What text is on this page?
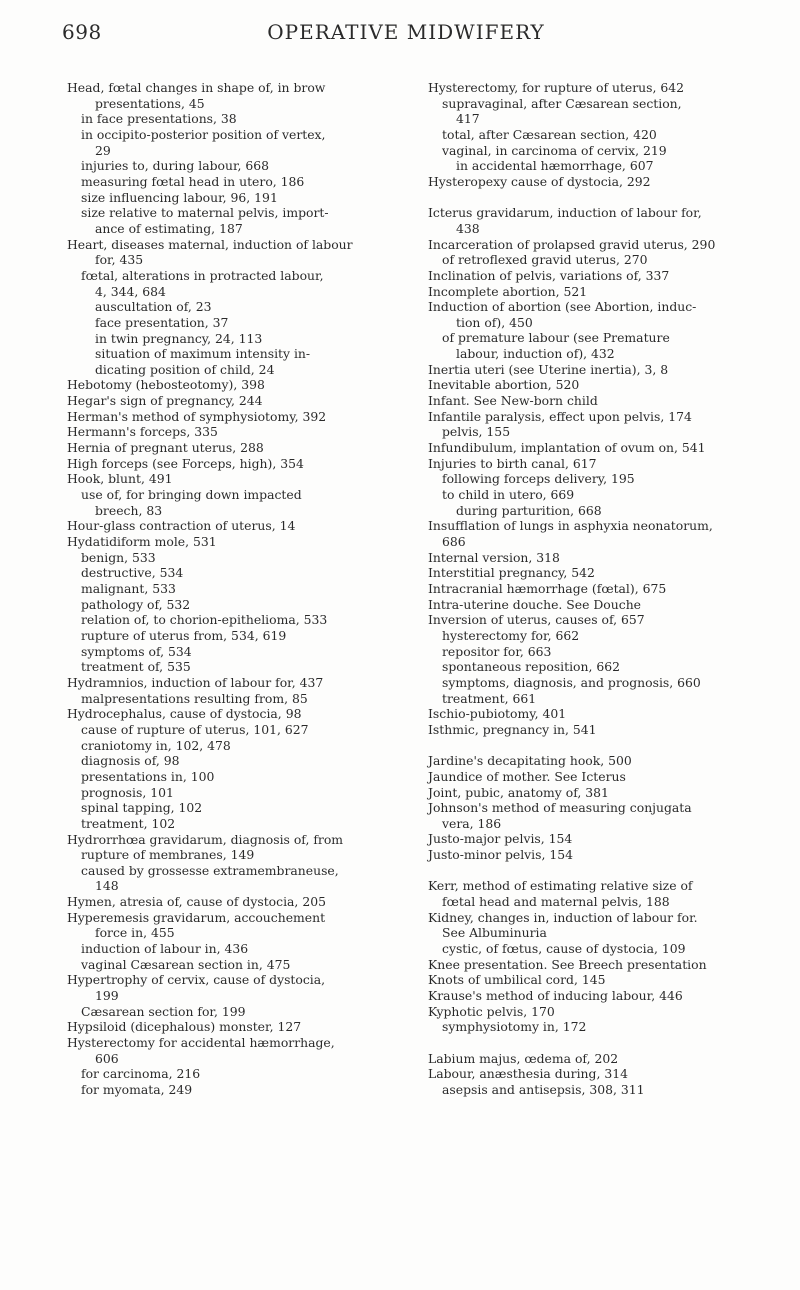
698	OPERATIVE MIDWIFERY
Head, fœtal changes in shape of, in brow
presentations, 45
in face presentations, 38
in occipito-posterior position of vertex,
29
injuries to, during labour, 668
measuring fœtal head in utero, 186
size influencing labour, 96, 191
size relative to maternal pelvis, import-
ance of estimating, 187
Heart, diseases maternal, induction of labour
for, 435
fœtal, alterations in protracted labour,
4, 344, 684
auscultation of, 23
face presentation, 37
in twin pregnancy, 24, 113
situation of maximum intensity in-
dicating position of child, 24
Hebotomy (hebosteotomy), 398
Hegar's sign of pregnancy, 244
Herman's method of symphysiotomy, 392
Hermann's forceps, 335
Hernia of pregnant uterus, 288
High forceps (see Forceps, high), 354
Hook, blunt, 491
use of, for bringing down impacted
breech, 83
Hour-glass contraction of uterus, 14
Hydatidiform mole, 531
benign, 533
destructive, 534
malignant, 533
pathology of, 532
relation of, to chorion-epithelioma, 533
rupture of uterus from, 534, 619
symptoms of, 534
treatment of, 535
Hydramnios, induction of labour for, 437
malpresentations resulting from, 85
Hydrocephalus, cause of dystocia, 98
cause of rupture of uterus, 101, 627
craniotomy in, 102, 478
diagnosis of, 98
presentations in, 100
prognosis, 101
spinal tapping, 102
treatment, 102
Hydrorrhœa gravidarum, diagnosis of, from
rupture of membranes, 149
caused by grossesse extramembraneuse,
148
Hymen, atresia of, cause of dystocia, 205
Hyperemesis gravidarum, accouchement
force in, 455
induction of labour in, 436
vaginal Cæsarean section in, 475
Hypertrophy of cervix, cause of dystocia,
199
Cæsarean section for, 199
Hypsiloid (dicephalous) monster, 127
Hysterectomy for accidental hæmorrhage,
606
for carcinoma, 216
for myomata, 249
Hysterectomy, for rupture of uterus, 642
supravaginal, after Cæsarean section,
417
total, after Cæsarean section, 420
vaginal, in carcinoma of cervix, 219
in accidental hæmorrhage, 607
Hysteropexy cause of dystocia, 292
Icterus gravidarum, induction of labour for,
438
Incarceration of prolapsed gravid uterus, 290
of retroflexed gravid uterus, 270
Inclination of pelvis, variations of, 337
Incomplete abortion, 521
Induction of abortion (see Abortion, induc-
tion of), 450
of premature labour (see Premature
labour, induction of), 432
Inertia uteri (see Uterine inertia), 3, 8
Inevitable abortion, 520
Infant. See New-born child
Infantile paralysis, effect upon pelvis, 174
pelvis, 155
Infundibulum, implantation of ovum on, 541
Injuries to birth canal, 617
following forceps delivery, 195
to child in utero, 669
during parturition, 668
Insufflation of lungs in asphyxia neonatorum,
686
Internal version, 318
Interstitial pregnancy, 542
Intracranial hæmorrhage (fœtal), 675
Intra-uterine douche. See Douche
Inversion of uterus, causes of, 657
hysterectomy for, 662
repositor for, 663
spontaneous reposition, 662
symptoms, diagnosis, and prognosis, 660
treatment, 661
Ischio-pubiotomy, 401
Isthmic, pregnancy in, 541
Jardine's decapitating hook, 500
Jaundice of mother. See Icterus
Joint, pubic, anatomy of, 381
Johnson's method of measuring conjugata
vera, 186
Justo-major pelvis, 154
Justo-minor pelvis, 154
Kerr, method of estimating relative size of
fœtal head and maternal pelvis, 188
Kidney, changes in, induction of labour for.
See Albuminuria
cystic, of fœtus, cause of dystocia, 109
Knee presentation. See Breech presentation
Knots of umbilical cord, 145
Krause's method of inducing labour, 446
Kyphotic pelvis, 170
symphysiotomy in, 172
Labium majus, œdema of, 202
Labour, anæsthesia during, 314
asepsis and antisepsis, 308, 311
